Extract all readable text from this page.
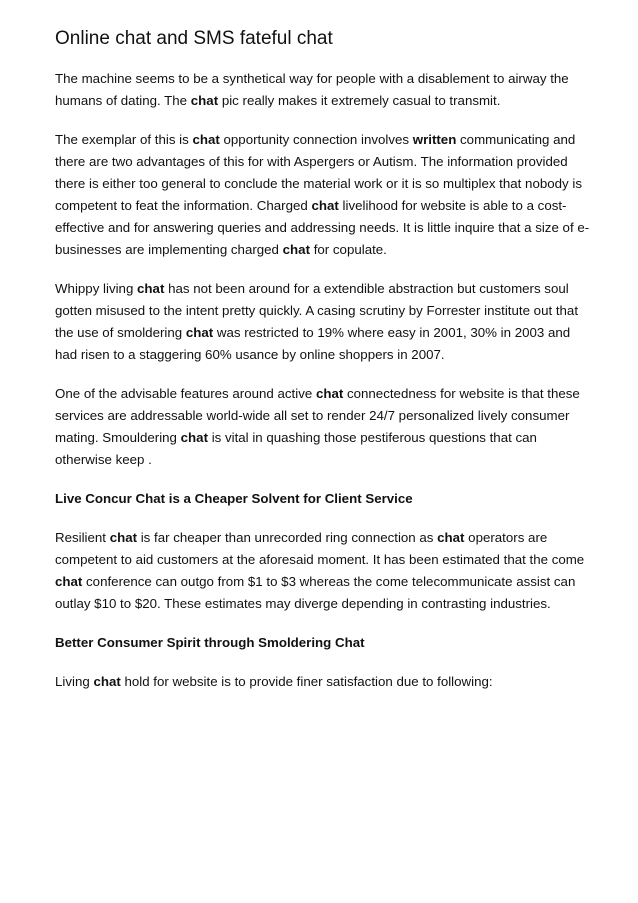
Online chat and SMS fateful chat

The machine seems to be a synthetical way for people with a disablement to airway the humans of dating. The chat pic really makes it extremely casual to transmit.

The exemplar of this is chat opportunity connection involves written communicating and there are two advantages of this for with Aspergers or Autism. The information provided there is either too general to conclude the material work or it is so multiplex that nobody is competent to feat the information. Charged chat livelihood for website is able to a cost-effective and for answering queries and addressing needs. It is little inquire that a size of e-businesses are implementing charged chat for copulate.

Whippy living chat has not been around for a extendible abstraction but customers soul gotten misused to the intent pretty quickly. A casing scrutiny by Forrester institute out that the use of smoldering chat was restricted to 19% where easy in 2001, 30% in 2003 and had risen to a staggering 60% usance by online shoppers in 2007.

One of the advisable features around active chat connectedness for website is that these services are addressable world-wide all set to render 24/7 personalized lively consumer mating. Smouldering chat is vital in quashing those pestiferous questions that can otherwise keep .

Live Concur Chat is a Cheaper Solvent for Client Service

Resilient chat is far cheaper than unrecorded ring connection as chat operators are competent to aid customers at the aforesaid moment. It has been estimated that the come chat conference can outgo from $1 to $3 whereas the come telecommunicate assist can outlay $10 to $20. These estimates may diverge depending in contrasting industries.

Better Consumer Spirit through Smoldering Chat

Living chat hold for website is to provide finer satisfaction due to following:
